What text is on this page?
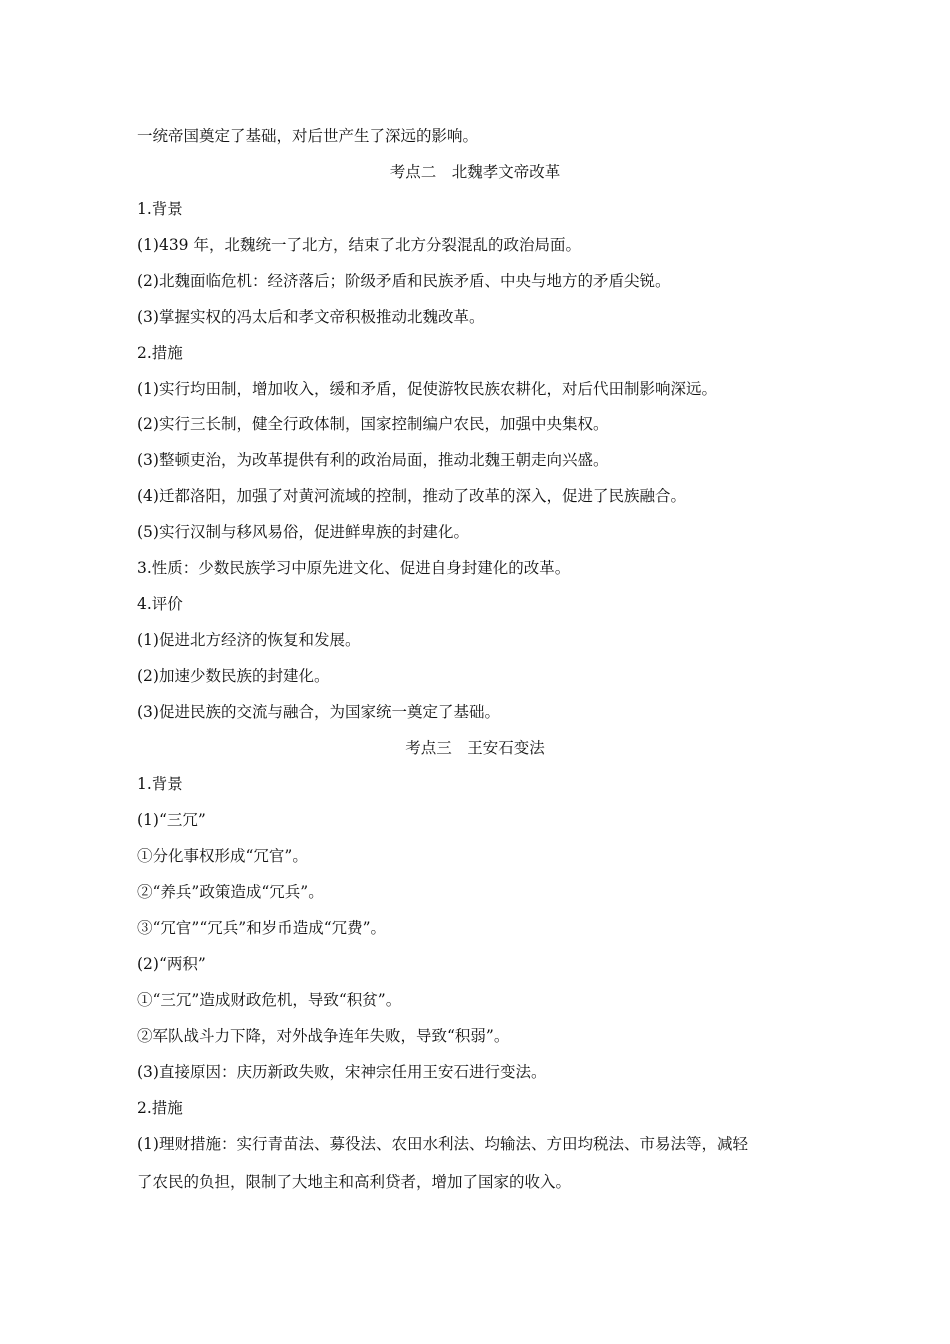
一统帝国奠定了基础，对后世产生了深远的影响。
考点二　北魏孝文帝改革
1.背景
(1)439 年，北魏统一了北方，结束了北方分裂混乱的政治局面。
(2)北魏面临危机：经济落后；阶级矛盾和民族矛盾、中央与地方的矛盾尖锐。
(3)掌握实权的冯太后和孝文帝积极推动北魏改革。
2.措施
(1)实行均田制，增加收入，缓和矛盾，促使游牧民族农耕化，对后代田制影响深远。
(2)实行三长制，健全行政体制，国家控制编户农民，加强中央集权。
(3)整顿吏治，为改革提供有利的政治局面，推动北魏王朝走向兴盛。
(4)迁都洛阳，加强了对黄河流域的控制，推动了改革的深入，促进了民族融合。
(5)实行汉制与移风易俗，促进鲜卑族的封建化。
3.性质：少数民族学习中原先进文化、促进自身封建化的改革。
4.评价
(1)促进北方经济的恢复和发展。
(2)加速少数民族的封建化。
(3)促进民族的交流与融合，为国家统一奠定了基础。
考点三　王安石变法
1.背景
(1)“三冗”
①分化事权形成“冗官”。
②“养兵”政策造成“冗兵”。
③“冗官”“冗兵”和岁币造成“冗费”。
(2)“两积”
①“三冗”造成财政危机，导致“积贫”。
②军队战斗力下降，对外战争连年失败，导致“积弱”。
(3)直接原因：庆历新政失败，宋神宗任用王安石进行变法。
2.措施
(1)理财措施：实行青苗法、募役法、农田水利法、均输法、方田均税法、市易法等，减轻
了农民的负担，限制了大地主和高利贷者，增加了国家的收入。
